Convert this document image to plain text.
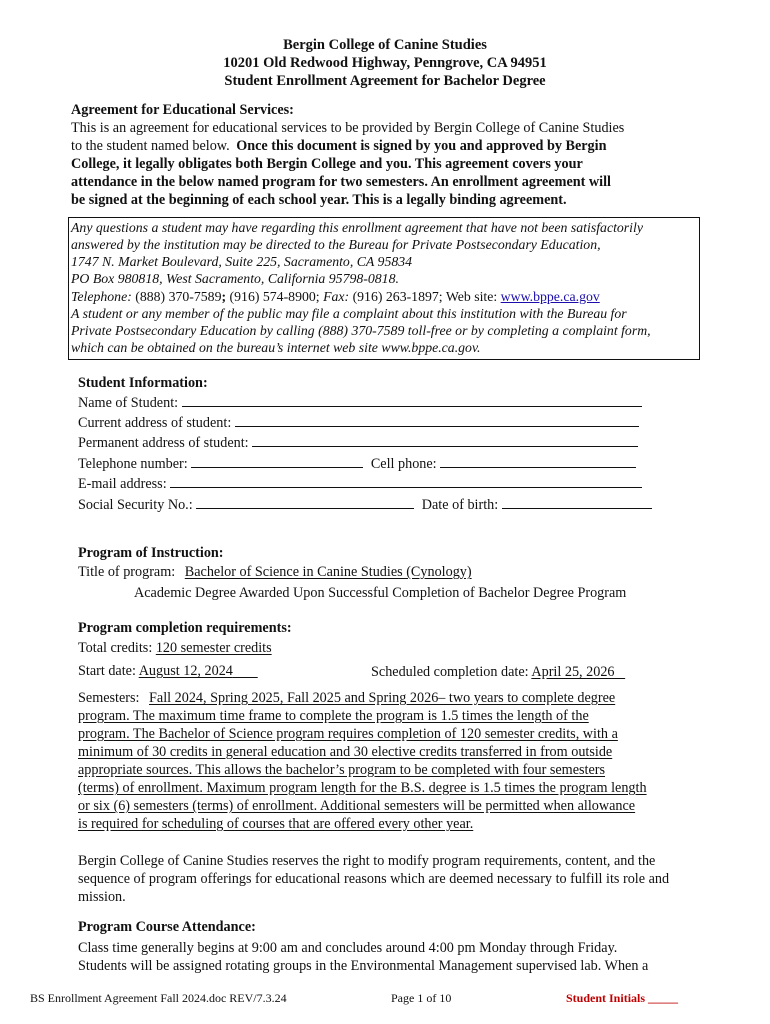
Bergin College of Canine Studies
10201 Old Redwood Highway, Penngrove, CA 94951
Student Enrollment Agreement for Bachelor Degree
Agreement for Educational Services:
This is an agreement for educational services to be provided by Bergin College of Canine Studies
to the student named below. Once this document is signed by you and approved by Bergin
College, it legally obligates both Bergin College and you. This agreement covers your
attendance in the below named program for two semesters. An enrollment agreement will
be signed at the beginning of each school year. This is a legally binding agreement.
Any questions a student may have regarding this enrollment agreement that have not been satisfactorily
answered by the institution may be directed to the Bureau for Private Postsecondary Education,
1747 N. Market Boulevard, Suite 225, Sacramento, CA 95834
PO Box 980818, West Sacramento, California 95798-0818.
Telephone: (888) 370-7589; (916) 574-8900; Fax: (916) 263-1897; Web site: www.bppe.ca.gov
A student or any member of the public may file a complaint about this institution with the Bureau for
Private Postsecondary Education by calling (888) 370-7589 toll-free or by completing a complaint form,
which can be obtained on the bureau’s internet web site www.bppe.ca.gov.
Student Information:
Name of Student:
Current address of student:
Permanent address of student:
Telephone number:	Cell phone:
E-mail address:
Social Security No.:	Date of birth:
Program of Instruction:
Title of program: Bachelor of Science in Canine Studies (Cynology)
Academic Degree Awarded Upon Successful Completion of Bachelor Degree Program
Program completion requirements:
Total credits: 120 semester credits
Start date: August 12, 2024	Scheduled completion date: April 25, 2026
Semesters: Fall 2024, Spring 2025, Fall 2025 and Spring 2026– two years to complete degree
program. The maximum time frame to complete the program is 1.5 times the length of the
program. The Bachelor of Science program requires completion of 120 semester credits, with a
minimum of 30 credits in general education and 30 elective credits transferred in from outside
appropriate sources. This allows the bachelor’s program to be completed with four semesters
(terms) of enrollment. Maximum program length for the B.S. degree is 1.5 times the program length
or six (6) semesters (terms) of enrollment. Additional semesters will be permitted when allowance
is required for scheduling of courses that are offered every other year.
Bergin College of Canine Studies reserves the right to modify program requirements, content, and the
sequence of program offerings for educational reasons which are deemed necessary to fulfill its role and
mission.
Program Course Attendance:
Class time generally begins at 9:00 am and concludes around 4:00 pm Monday through Friday.
Students will be assigned rotating groups in the Environmental Management supervised lab. When a
BS Enrollment Agreement Fall 2024.doc REV/7.3.24	Page 1 of 10	Student Initials _____
